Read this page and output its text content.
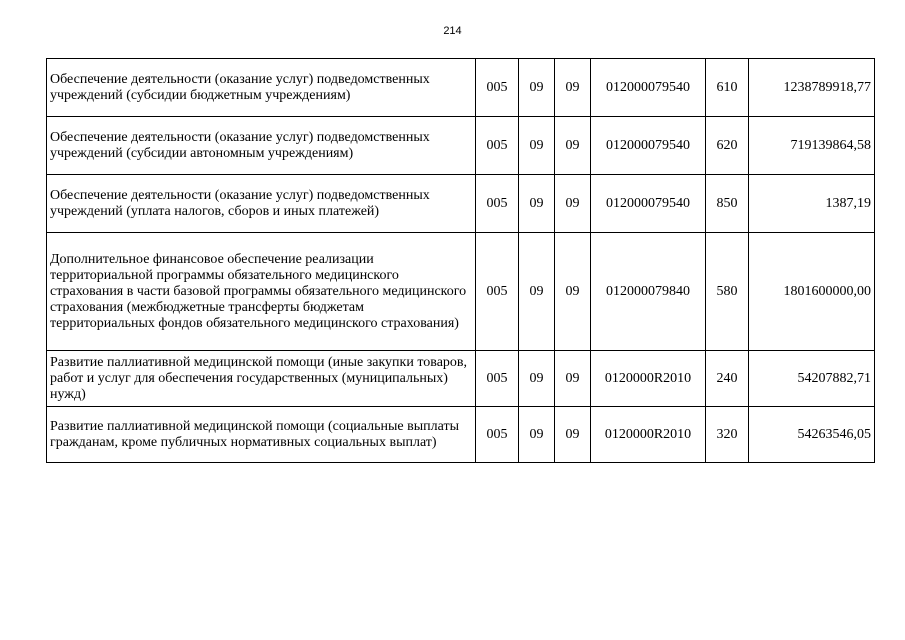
214
Обеспечение деятельности (оказание услуг) подведомственных учреждений (субсидии бюджетным учреждениям)	005	09	09	012000079540	610	1238789918,77
Обеспечение деятельности (оказание услуг) подведомственных учреждений (субсидии автономным учреждениям)	005	09	09	012000079540	620	719139864,58
Обеспечение деятельности (оказание услуг) подведомственных учреждений (уплата налогов, сборов и иных платежей)	005	09	09	012000079540	850	1387,19
Дополнительное финансовое обеспечение реализации территориальной программы обязательного медицинского страхования в части базовой программы обязательного медицинского страхования (межбюджетные трансферты бюджетам территориальных фондов обязательного медицинского страхования)	005	09	09	012000079840	580	1801600000,00
Развитие паллиативной медицинской помощи (иные закупки товаров, работ и услуг для обеспечения государственных (муниципальных) нужд)	005	09	09	0120000R2010	240	54207882,71
Развитие паллиативной медицинской помощи (социальные выплаты гражданам, кроме публичных нормативных социальных выплат)	005	09	09	0120000R2010	320	54263546,05
